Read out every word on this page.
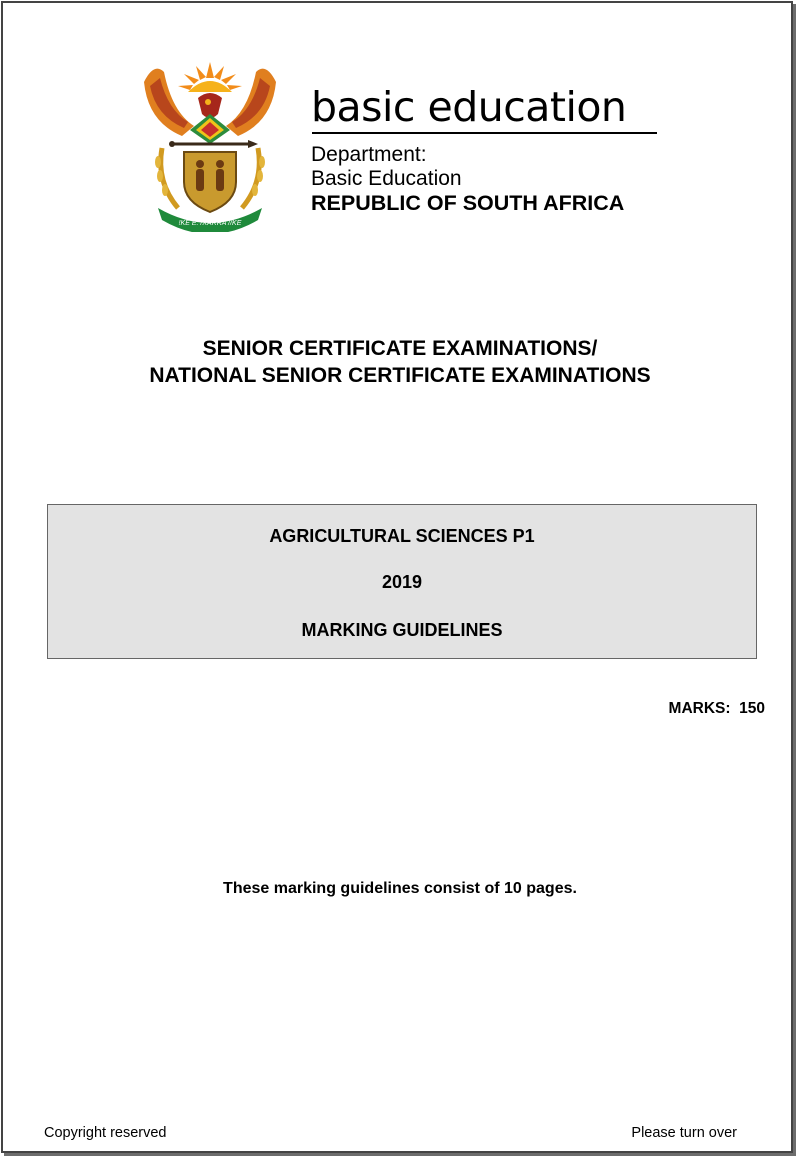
!KE E: /XARRA //KE
basic education
Department:
Basic Education
REPUBLIC OF SOUTH AFRICA
SENIOR CERTIFICATE EXAMINATIONS/
NATIONAL SENIOR CERTIFICATE EXAMINATIONS
AGRICULTURAL SCIENCES P1
2019
MARKING GUIDELINES
MARKS:  150
These marking guidelines consist of 10 pages.
Copyright reserved	Please turn over
